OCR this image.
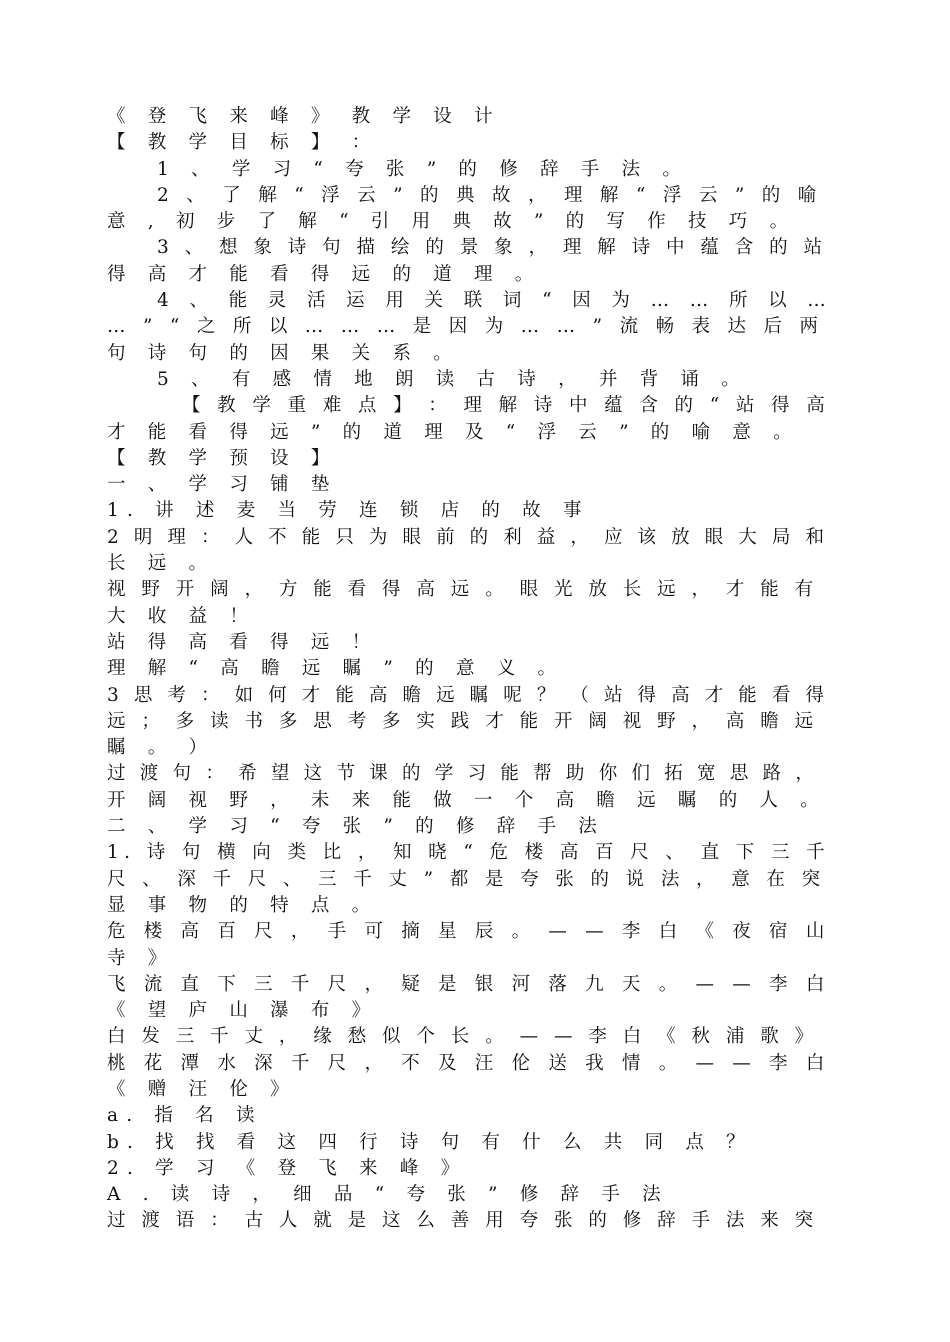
《 登 飞 来 峰 》 教 学 设 计
【 教 学 目 标 】 ：
1 、 学 习 “ 夸 张 ” 的 修 辞 手 法 。
2 、 了 解 “ 浮 云 ” 的 典 故 ， 理 解 “ 浮 云 ” 的 喻
意 , 初 步 了 解 “ 引 用 典 故 ” 的 写 作 技 巧 。
3 、 想 象 诗 句 描 绘 的 景 象 ， 理 解 诗 中 蕴 含 的 站
得 高 才 能 看 得 远 的 道 理 。
4 、 能 灵 活 运 用 关 联 词 “ 因 为 … … 所 以 …
… ” “ 之 所 以 … … … 是 因 为 … … ” 流 畅 表 达 后 两
句 诗 句 的 因 果 关 系 。
5 、 有 感 情 地 朗 读 古 诗 ， 并 背 诵 。
【 教 学 重 难 点 】 ： 理 解 诗 中 蕴 含 的 “ 站 得 高
才 能 看 得 远 ” 的 道 理 及 “ 浮 云 ” 的 喻 意 。
【 教 学 预 设 】
一 、 学 习 铺 垫
1. 讲 述 麦 当 劳 连 锁 店 的 故 事
2 明 理 ： 人 不 能 只 为 眼 前 的 利 益 ， 应 该 放 眼 大 局 和
长 远 。
视 野 开 阔 ， 方 能 看 得 高 远 。 眼 光 放 长 远 ， 才 能 有
大 收 益 ！
站 得 高 看 得 远 ！
理 解 “ 高 瞻 远 瞩 ” 的 意 义 。
3 思 考 ： 如 何 才 能 高 瞻 远 瞩 呢 ？ （ 站 得 高 才 能 看 得
远 ； 多 读 书 多 思 考 多 实 践 才 能 开 阔 视 野 ， 高 瞻 远
瞩 。 ）
过 渡 句 ： 希 望 这 节 课 的 学 习 能 帮 助 你 们 拓 宽 思 路 ，
开 阔 视 野 ， 未 来 能 做 一 个 高 瞻 远 瞩 的 人 。
二 、 学 习 “ 夸 张 ” 的 修 辞 手 法
1. 诗 句 横 向 类 比 ， 知 晓 “ 危 楼 高 百 尺 、 直 下 三 千
尺 、 深 千 尺 、 三 千 丈 ” 都 是 夸 张 的 说 法 ， 意 在 突
显 事 物 的 特 点 。
危 楼 高 百 尺 ， 手 可 摘 星 辰 。 — — 李 白 《 夜 宿 山
寺 》
飞 流 直 下 三 千 尺 ， 疑 是 银 河 落 九 天 。 — — 李 白
《 望 庐 山 瀑 布 》
白 发 三 千 丈 ， 缘 愁 似 个 长 。 — — 李 白 《 秋 浦 歌 》
桃 花 潭 水 深 千 尺 ， 不 及 汪 伦 送 我 情 。 — — 李 白
《 赠 汪 伦 》
a. 指 名 读
b. 找 找 看 这 四 行 诗 句 有 什 么 共 同 点 ？
2. 学 习 《 登 飞 来 峰 》
A . 读 诗 ， 细 品 “ 夸 张 ” 修 辞 手 法
过 渡 语 ： 古 人 就 是 这 么 善 用 夸 张 的 修 辞 手 法 来 突
